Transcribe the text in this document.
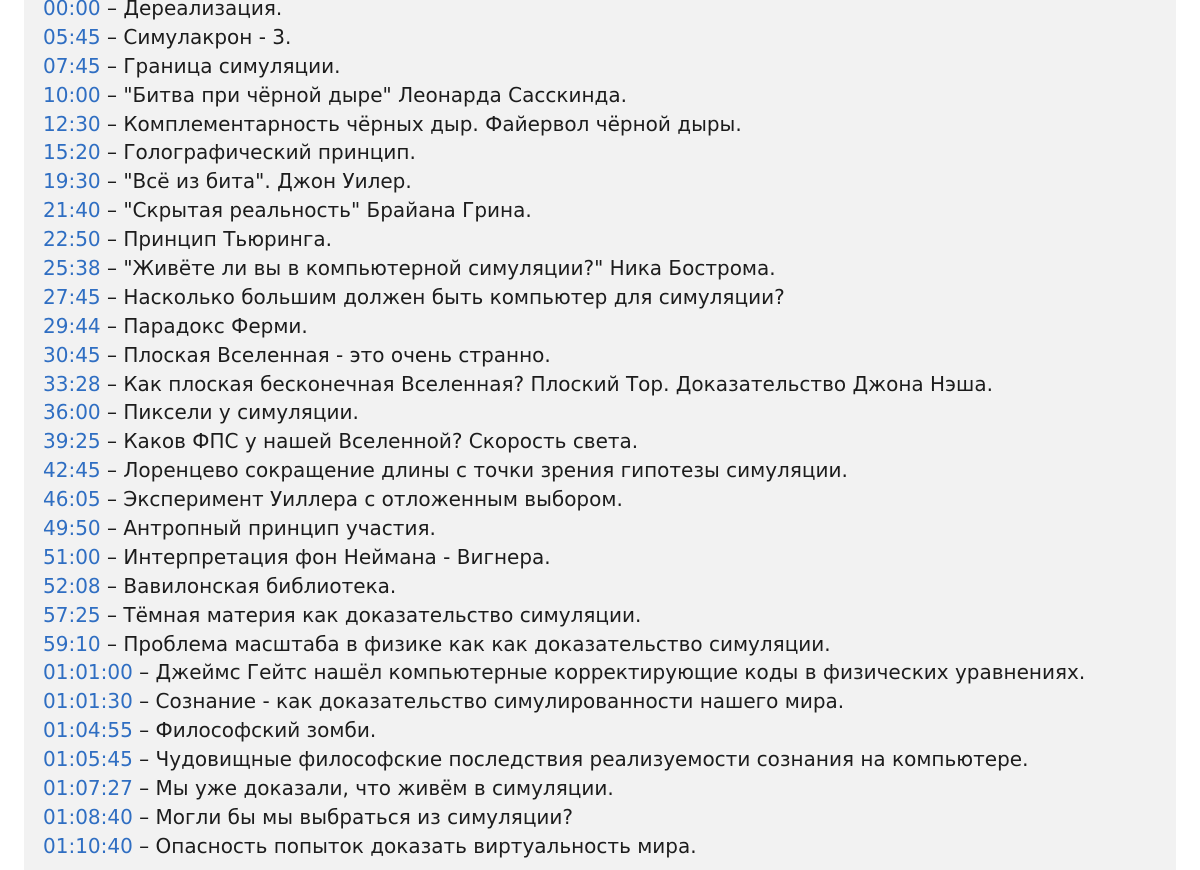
00:00 – Дереализация.
05:45 – Симулакрон - 3.
07:45 – Граница симуляции.
10:00 – "Битва при чёрной дыре" Леонарда Сасскинда.
12:30 – Комплементарность чёрных дыр. Файервол чёрной дыры.
15:20 – Голографический принцип.
19:30 – "Всё из бита". Джон Уилер.
21:40 – "Скрытая реальность" Брайана Грина.
22:50 – Принцип Тьюринга.
25:38 – "Живёте ли вы в компьютерной симуляции?" Ника Бострома.
27:45 – Насколько большим должен быть компьютер для симуляции?
29:44 – Парадокс Ферми.
30:45 – Плоская Вселенная - это очень странно.
33:28 – Как плоская бесконечная Вселенная? Плоский Тор. Доказательство Джона Нэша.
36:00 – Пиксели у симуляции.
39:25 – Каков ФПС у нашей Вселенной? Скорость света.
42:45 – Лоренцево сокращение длины с точки зрения гипотезы симуляции.
46:05 – Эксперимент Уиллера с отложенным выбором.
49:50 – Антропный принцип участия.
51:00 – Интерпретация фон Неймана - Вигнера.
52:08 – Вавилонская библиотека.
57:25 – Тёмная материя как доказательство симуляции.
59:10 – Проблема масштаба в физике как как доказательство симуляции.
01:01:00 – Джеймс Гейтс нашёл компьютерные корректирующие коды в физических уравнениях.
01:01:30 – Сознание - как доказательство симулированности нашего мира.
01:04:55 – Философский зомби.
01:05:45 – Чудовищные философские последствия реализуемости сознания на компьютере.
01:07:27 – Мы уже доказали, что живём в симуляции.
01:08:40 – Могли бы мы выбраться из симуляции?
01:10:40 – Опасность попыток доказать виртуальность мира.
